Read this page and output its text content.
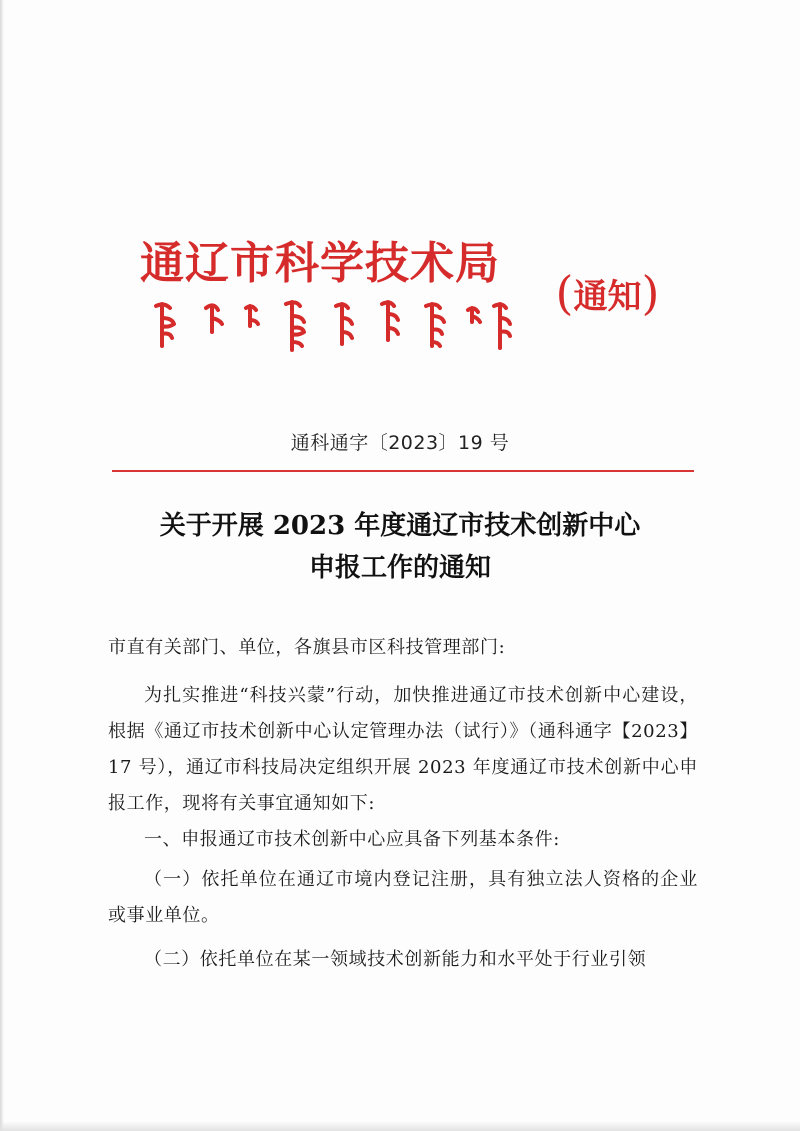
通辽市科学技术局
( 通知 )
通科通字〔2023〕19 号
关于开展 2023 年度通辽市技术创新中心
申报工作的通知

市直有关部门、单位，各旗县市区科技管理部门:

为扎实推进“科技兴蒙”行动，加快推进通辽市技术创新中心建设，根据《通辽市技术创新中心认定管理办法（试行）》（通科通字【2023】17 号），通辽市科技局决定组织开展 2023 年度通辽市技术创新中心申报工作，现将有关事宜通知如下:

一、申报通辽市技术创新中心应具备下列基本条件:

（一）依托单位在通辽市境内登记注册，具有独立法人资格的企业或事业单位。

（二）依托单位在某一领域技术创新能力和水平处于行业引领
